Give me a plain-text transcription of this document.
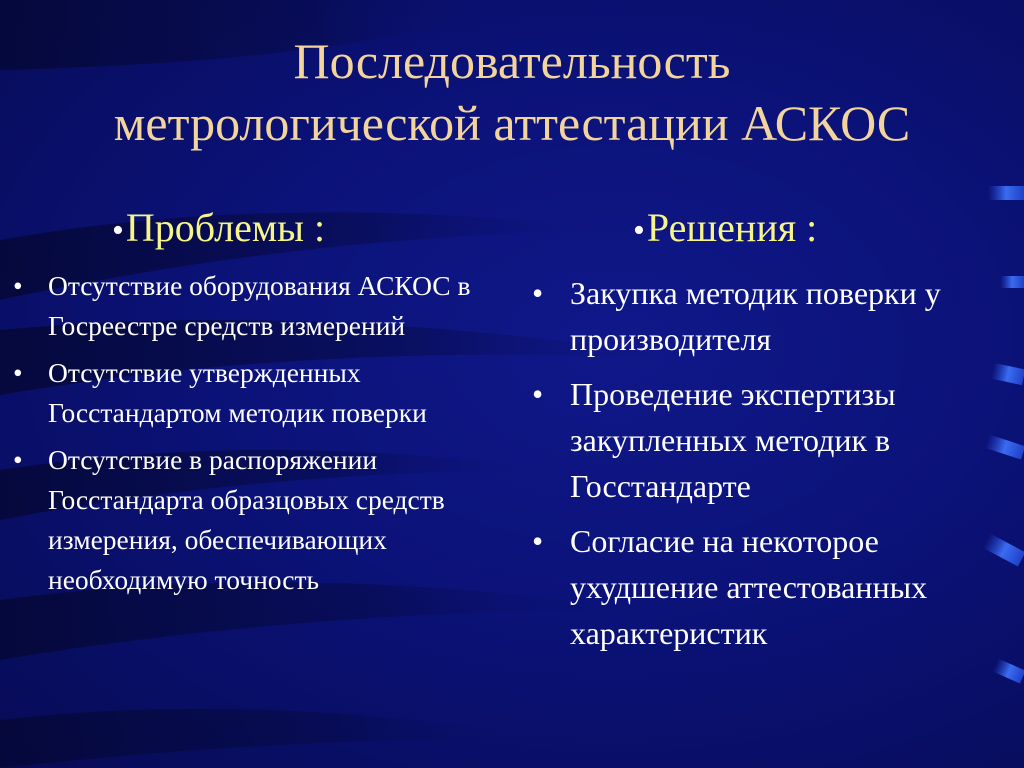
Последовательность
метрологической аттестации АСКОС
•Проблемы :	•Решения :
• Отсутствие оборудования АСКОС в Госреестре средств измерений
• Отсутствие утвержденных Госстандартом методик поверки
• Отсутствие в распоряжении Госстандарта образцовых средств измерения, обеспечивающих необходимую точность
• Закупка методик поверки у производителя
• Проведение экспертизы закупленных методик в Госстандарте
• Согласие на некоторое ухудшение аттестованных характеристик
